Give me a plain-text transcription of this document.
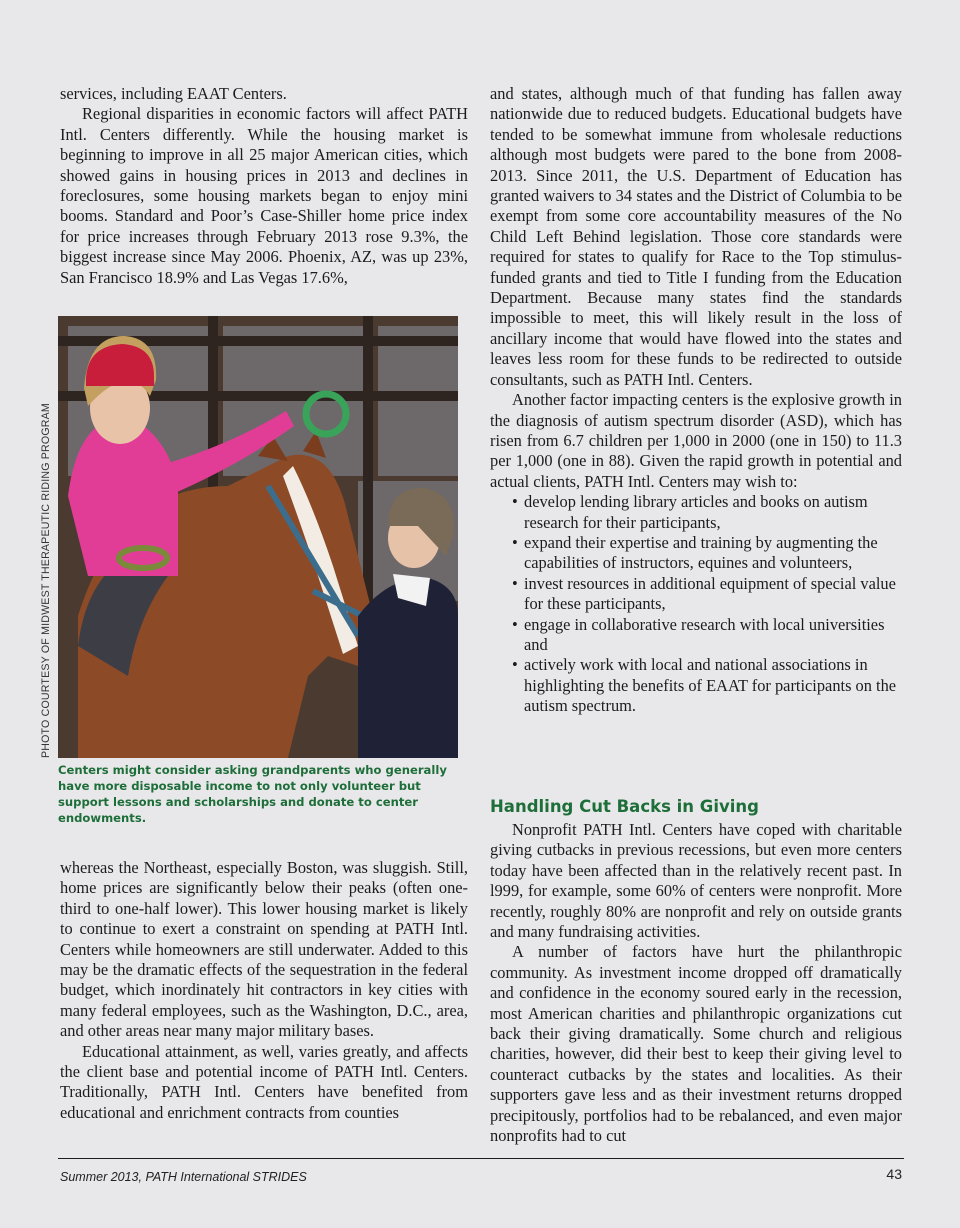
services, including EAAT Centers.

Regional disparities in economic factors will affect PATH Intl. Centers differently. While the housing market is beginning to improve in all 25 major American cities, which showed gains in housing prices in 2013 and declines in foreclosures, some housing markets began to enjoy mini booms. Standard and Poor’s Case-Shiller home price index for price increases through February 2013 rose 9.3%, the biggest increase since May 2006. Phoenix, AZ, was up 23%, San Francisco 18.9% and Las Vegas 17.6%,

PHOTO COURTESY OF MIDWEST THERAPEUTIC RIDING PROGRAM
Centers might consider asking grandparents who generally have more disposable income to not only volunteer but support lessons and scholarships and donate to center endowments.

whereas the Northeast, especially Boston, was sluggish. Still, home prices are significantly below their peaks (often one-third to one-half lower). This lower housing market is likely to continue to exert a constraint on spending at PATH Intl. Centers while homeowners are still underwater. Added to this may be the dramatic effects of the sequestration in the federal budget, which inordinately hit contractors in key cities with many federal employees, such as the Washington, D.C., area, and other areas near many major military bases.

Educational attainment, as well, varies greatly, and affects the client base and potential income of PATH Intl. Centers. Traditionally, PATH Intl. Centers have benefited from educational and enrichment contracts from counties

and states, although much of that funding has fallen away nationwide due to reduced budgets. Educational budgets have tended to be somewhat immune from wholesale reductions although most budgets were pared to the bone from 2008-2013. Since 2011, the U.S. Department of Education has granted waivers to 34 states and the District of Columbia to be exempt from some core accountability measures of the No Child Left Behind legislation. Those core standards were required for states to qualify for Race to the Top stimulus-funded grants and tied to Title I funding from the Education Department. Because many states find the standards impossible to meet, this will likely result in the loss of ancillary income that would have flowed into the states and leaves less room for these funds to be redirected to outside consultants, such as PATH Intl. Centers.

Another factor impacting centers is the explosive growth in the diagnosis of autism spectrum disorder (ASD), which has risen from 6.7 children per 1,000 in 2000 (one in 150) to 11.3 per 1,000 (one in 88). Given the rapid growth in potential and actual clients, PATH Intl. Centers may wish to:

• develop lending library articles and books on autism research for their participants,
• expand their expertise and training by augmenting the capabilities of instructors, equines and volunteers,
• invest resources in additional equipment of special value for these participants,
• engage in collaborative research with local universities and
• actively work with local and national associations in highlighting the benefits of EAAT for participants on the autism spectrum.
Handling Cut Backs in Giving

Nonprofit PATH Intl. Centers have coped with charitable giving cutbacks in previous recessions, but even more centers today have been affected than in the relatively recent past. In l999, for example, some 60% of centers were nonprofit. More recently, roughly 80% are nonprofit and rely on outside grants and many fundraising activities.

A number of factors have hurt the philanthropic community. As investment income dropped off dramatically and confidence in the economy soured early in the recession, most American charities and philanthropic organizations cut back their giving dramatically. Some church and religious charities, however, did their best to keep their giving level to counteract cutbacks by the states and localities. As their supporters gave less and as their investment returns dropped precipitously, portfolios had to be rebalanced, and even major nonprofits had to cut

Summer 2013, PATH International STRIDES	43
